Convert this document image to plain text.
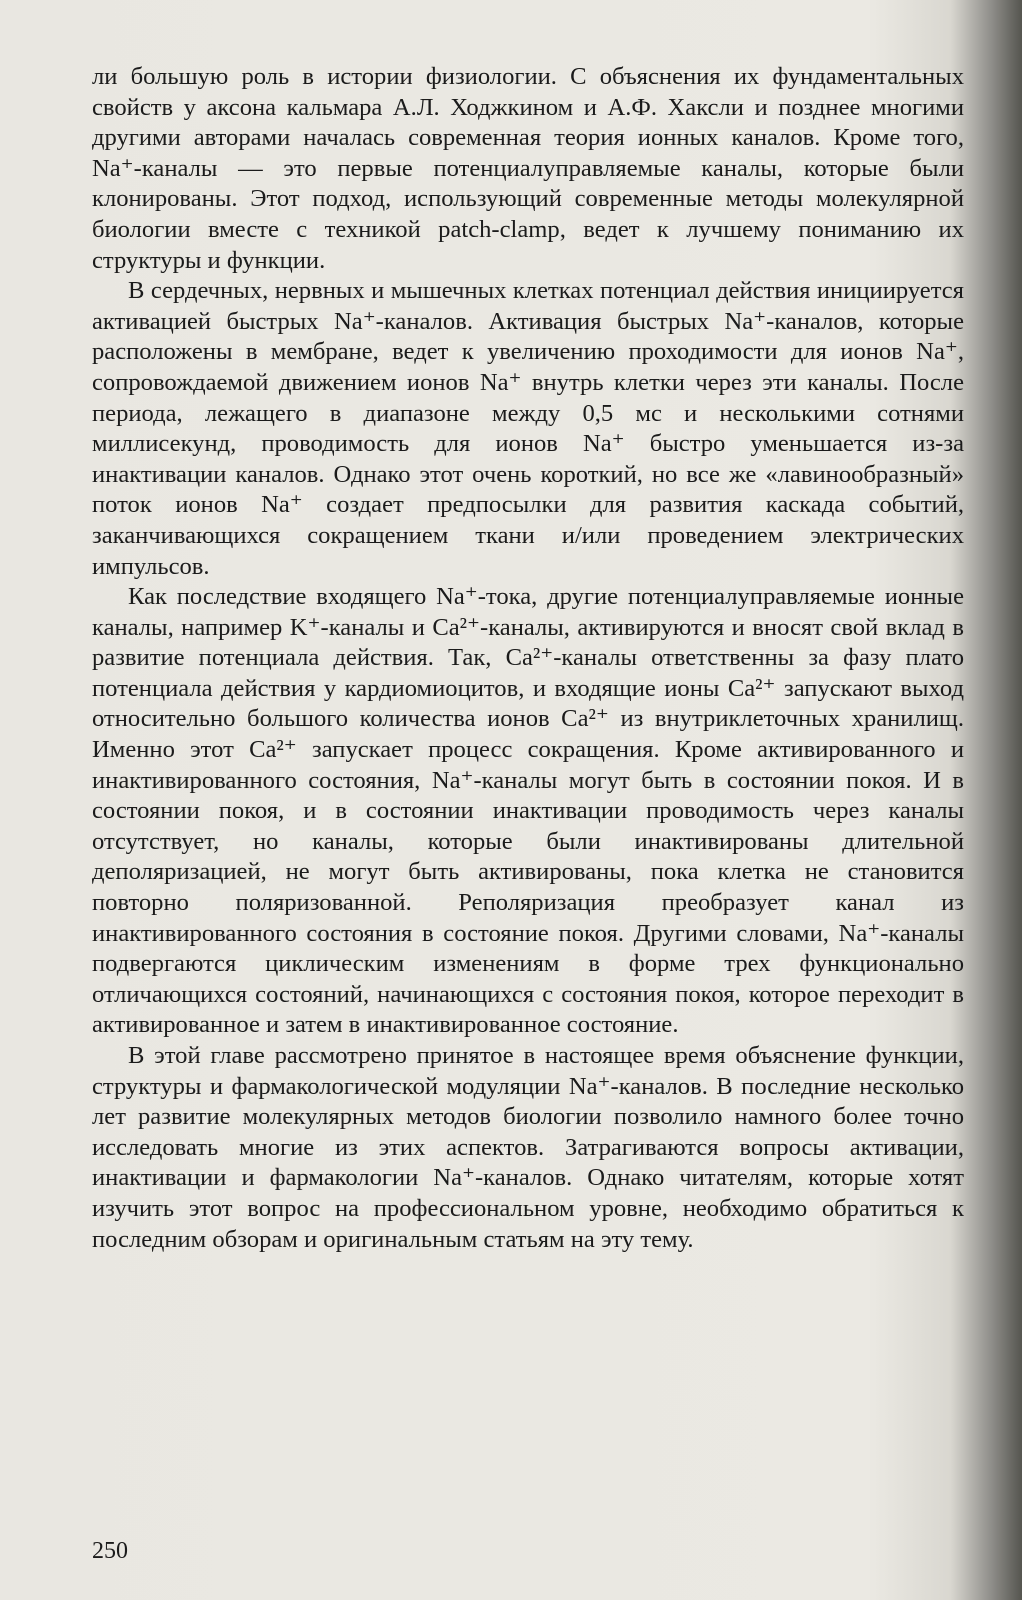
ли большую роль в истории физиологии. С объяснения их фундаментальных свойств у аксона кальмара А.Л. Ходжкином и А.Ф. Хаксли и позднее многими другими авторами началась современная теория ионных каналов. Кроме того, Na⁺-каналы — это первые потенциалуправляемые каналы, которые были клонированы. Этот подход, использующий современные методы молекулярной биологии вместе с техникой patch-clamp, ведет к лучшему пониманию их структуры и функции.

В сердечных, нервных и мышечных клетках потенциал действия инициируется активацией быстрых Na⁺-каналов. Активация быстрых Na⁺-каналов, которые расположены в мембране, ведет к увеличению проходимости для ионов Na⁺, сопровождаемой движением ионов Na⁺ внутрь клетки через эти каналы. После периода, лежащего в диапазоне между 0,5 мс и несколькими сотнями миллисекунд, проводимость для ионов Na⁺ быстро уменьшается из-за инактивации каналов. Однако этот очень короткий, но все же «лавинообразный» поток ионов Na⁺ создает предпосылки для развития каскада событий, заканчивающихся сокращением ткани и/или проведением электрических импульсов.

Как последствие входящего Na⁺-тока, другие потенциалуправляемые ионные каналы, например K⁺-каналы и Ca²⁺-каналы, активируются и вносят свой вклад в развитие потенциала действия. Так, Ca²⁺-каналы ответственны за фазу плато потенциала действия у кардиомиоцитов, и входящие ионы Ca²⁺ запускают выход относительно большого количества ионов Ca²⁺ из внутриклеточных хранилищ. Именно этот Ca²⁺ запускает процесс сокращения. Кроме активированного и инактивированного состояния, Na⁺-каналы могут быть в состоянии покоя. И в состоянии покоя, и в состоянии инактивации проводимость через каналы отсутствует, но каналы, которые были инактивированы длительной деполяризацией, не могут быть активированы, пока клетка не становится повторно поляризованной. Реполяризация преобразует канал из инактивированного состояния в состояние покоя. Другими словами, Na⁺-каналы подвергаются циклическим изменениям в форме трех функционально отличающихся состояний, начинающихся с состояния покоя, которое переходит в активированное и затем в инактивированное состояние.

В этой главе рассмотрено принятое в настоящее время объяснение функции, структуры и фармакологической модуляции Na⁺-каналов. В последние несколько лет развитие молекулярных методов биологии позволило намного более точно исследовать многие из этих аспектов. Затрагиваются вопросы активации, инактивации и фармакологии Na⁺-каналов. Однако читателям, которые хотят изучить этот вопрос на профессиональном уровне, необходимо обратиться к последним обзорам и оригинальным статьям на эту тему.

250
